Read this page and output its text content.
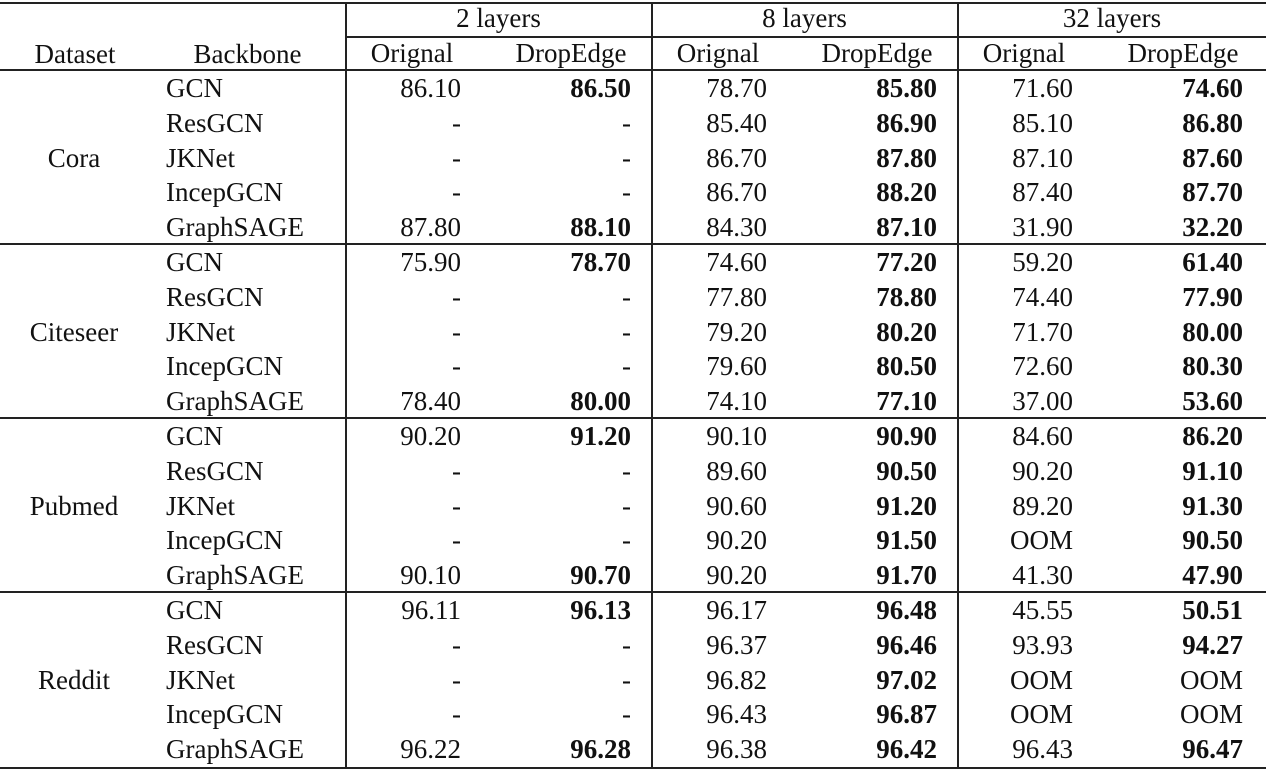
Dataset	Backbone
2 layers	8 layers	32 layers
Orignal	DropEdge	Orignal	DropEdge	Orignal	DropEdge
Cora
GCN	86.10	86.50	78.70	85.80	71.60	74.60
ResGCN	-	-	85.40	86.90	85.10	86.80
JKNet	-	-	86.70	87.80	87.10	87.60
IncepGCN	-	-	86.70	88.20	87.40	87.70
GraphSAGE	87.80	88.10	84.30	87.10	31.90	32.20
Citeseer
GCN	75.90	78.70	74.60	77.20	59.20	61.40
ResGCN	-	-	77.80	78.80	74.40	77.90
JKNet	-	-	79.20	80.20	71.70	80.00
IncepGCN	-	-	79.60	80.50	72.60	80.30
GraphSAGE	78.40	80.00	74.10	77.10	37.00	53.60
Pubmed
GCN	90.20	91.20	90.10	90.90	84.60	86.20
ResGCN	-	-	89.60	90.50	90.20	91.10
JKNet	-	-	90.60	91.20	89.20	91.30
IncepGCN	-	-	90.20	91.50	OOM	90.50
GraphSAGE	90.10	90.70	90.20	91.70	41.30	47.90
Reddit
GCN	96.11	96.13	96.17	96.48	45.55	50.51
ResGCN	-	-	96.37	96.46	93.93	94.27
JKNet	-	-	96.82	97.02	OOM	OOM
IncepGCN	-	-	96.43	96.87	OOM	OOM
GraphSAGE	96.22	96.28	96.38	96.42	96.43	96.47
